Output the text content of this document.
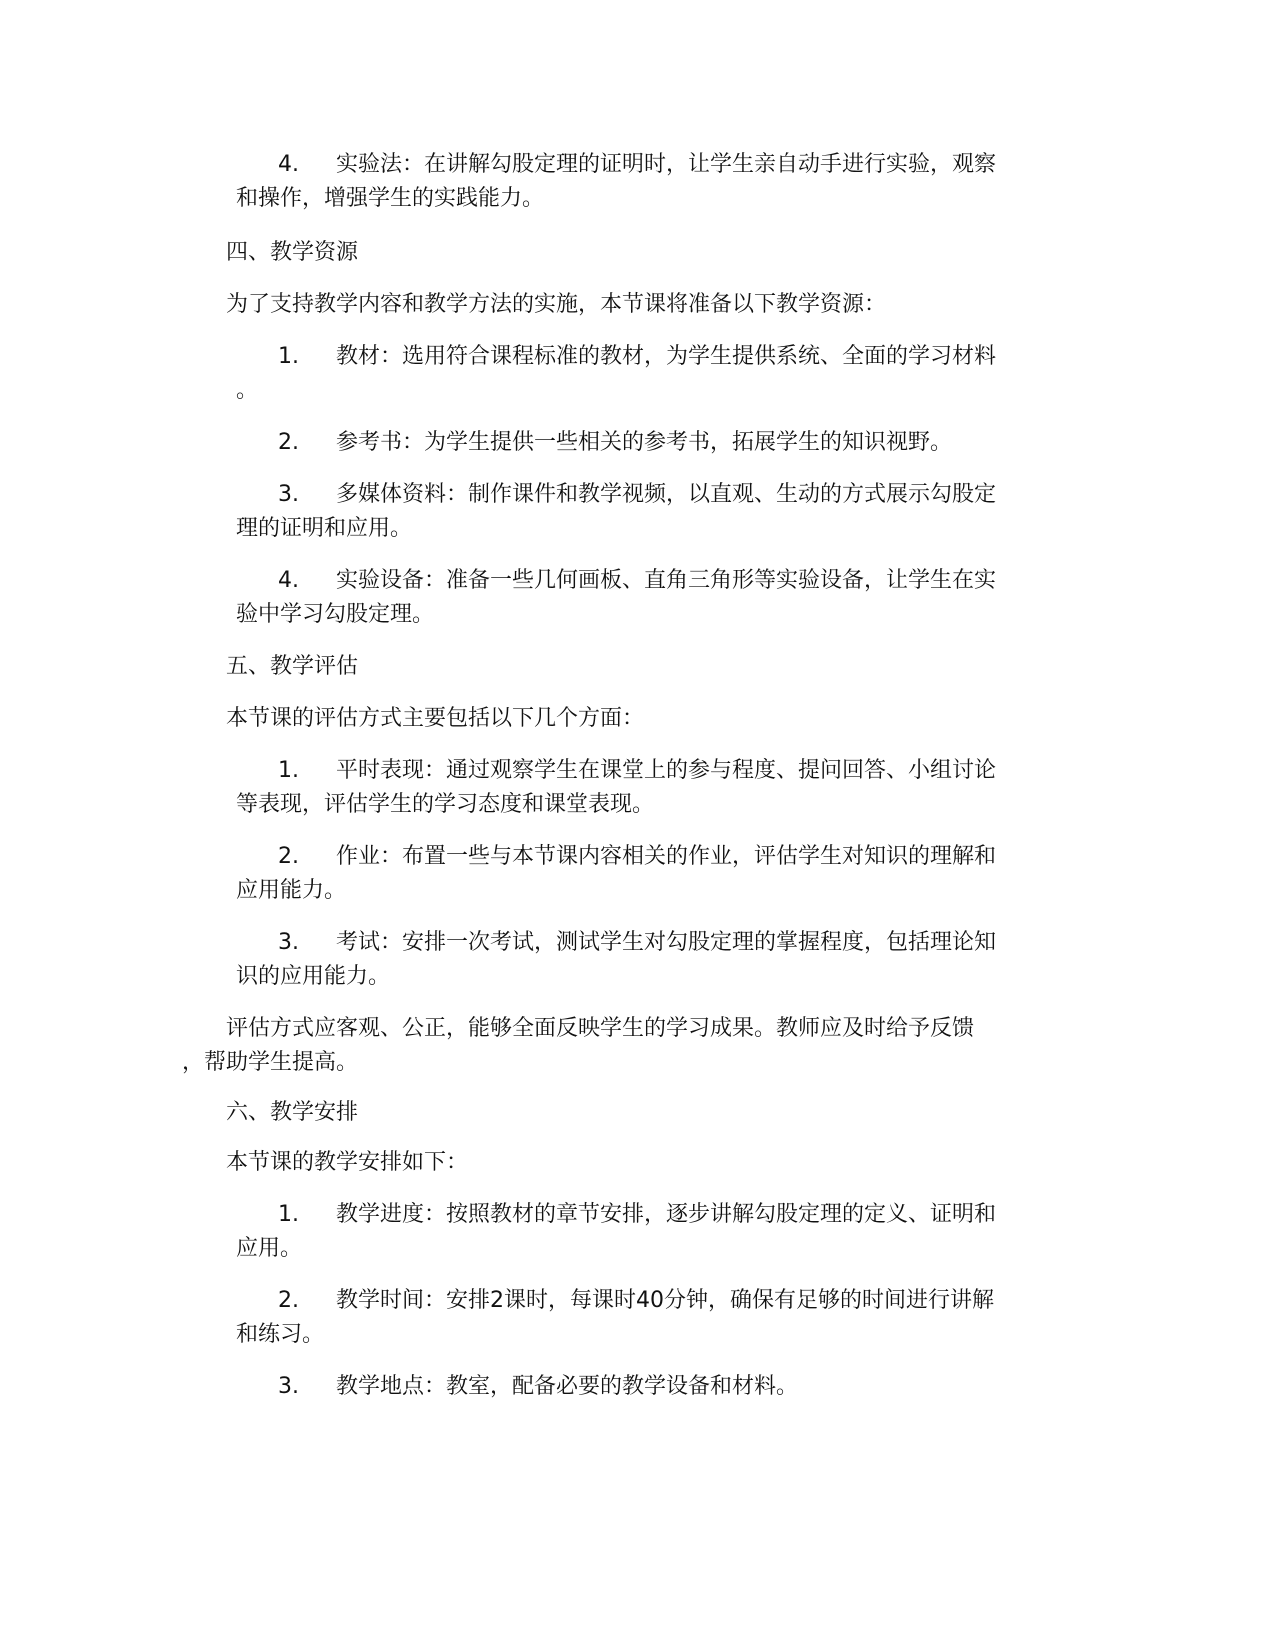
4.	实验法：在讲解勾股定理的证明时，让学生亲自动手进行实验，观察
和操作，增强学生的实践能力。
四、教学资源
为了支持教学内容和教学方法的实施，本节课将准备以下教学资源：
1.	教材：选用符合课程标准的教材，为学生提供系统、全面的学习材料
。
2.	参考书：为学生提供一些相关的参考书，拓展学生的知识视野。
3.	多媒体资料：制作课件和教学视频，以直观、生动的方式展示勾股定
理的证明和应用。
4.	实验设备：准备一些几何画板、直角三角形等实验设备，让学生在实
验中学习勾股定理。
五、教学评估
本节课的评估方式主要包括以下几个方面：
1.	平时表现：通过观察学生在课堂上的参与程度、提问回答、小组讨论
等表现，评估学生的学习态度和课堂表现。
2.	作业：布置一些与本节课内容相关的作业，评估学生对知识的理解和
应用能力。
3.	考试：安排一次考试，测试学生对勾股定理的掌握程度，包括理论知
识的应用能力。
评估方式应客观、公正，能够全面反映学生的学习成果。教师应及时给予反馈
，帮助学生提高。
六、教学安排
本节课的教学安排如下：
1.	教学进度：按照教材的章节安排，逐步讲解勾股定理的定义、证明和
应用。
2.	教学时间：安排2课时，每课时40分钟，确保有足够的时间进行讲解
和练习。
3.	教学地点：教室，配备必要的教学设备和材料。
